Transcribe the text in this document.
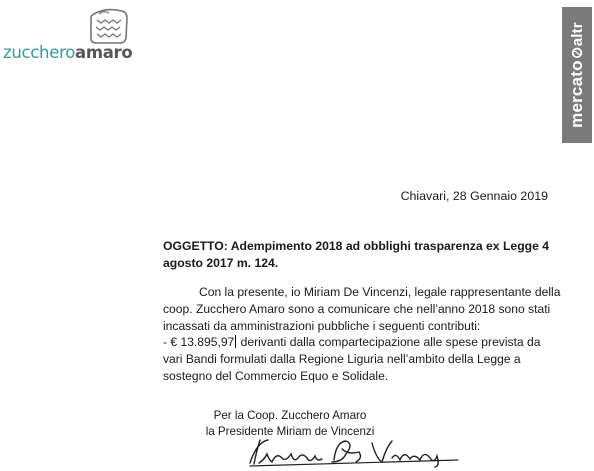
zuccheroamaro
mercatoaltr
Chiavari, 28 Gennaio 2019
OGGETTO: Adempimento 2018 ad obblighi trasparenza ex Legge 4 agosto 2017 m. 124.

Con la presente, io Miriam De Vincenzi, legale rappresentante della coop. Zucchero Amaro sono a comunicare che nell’anno 2018 sono stati incassati da amministrazioni pubbliche i seguenti contributi:

- € 13.895,97 derivanti dalla compartecipazione alle spese prevista da vari Bandi formulati dalla Regione Liguria nell’ambito della Legge a sostegno del Commercio Equo e Solidale.

Per la Coop. Zucchero Amaro
la Presidente Miriam de Vincenzi
